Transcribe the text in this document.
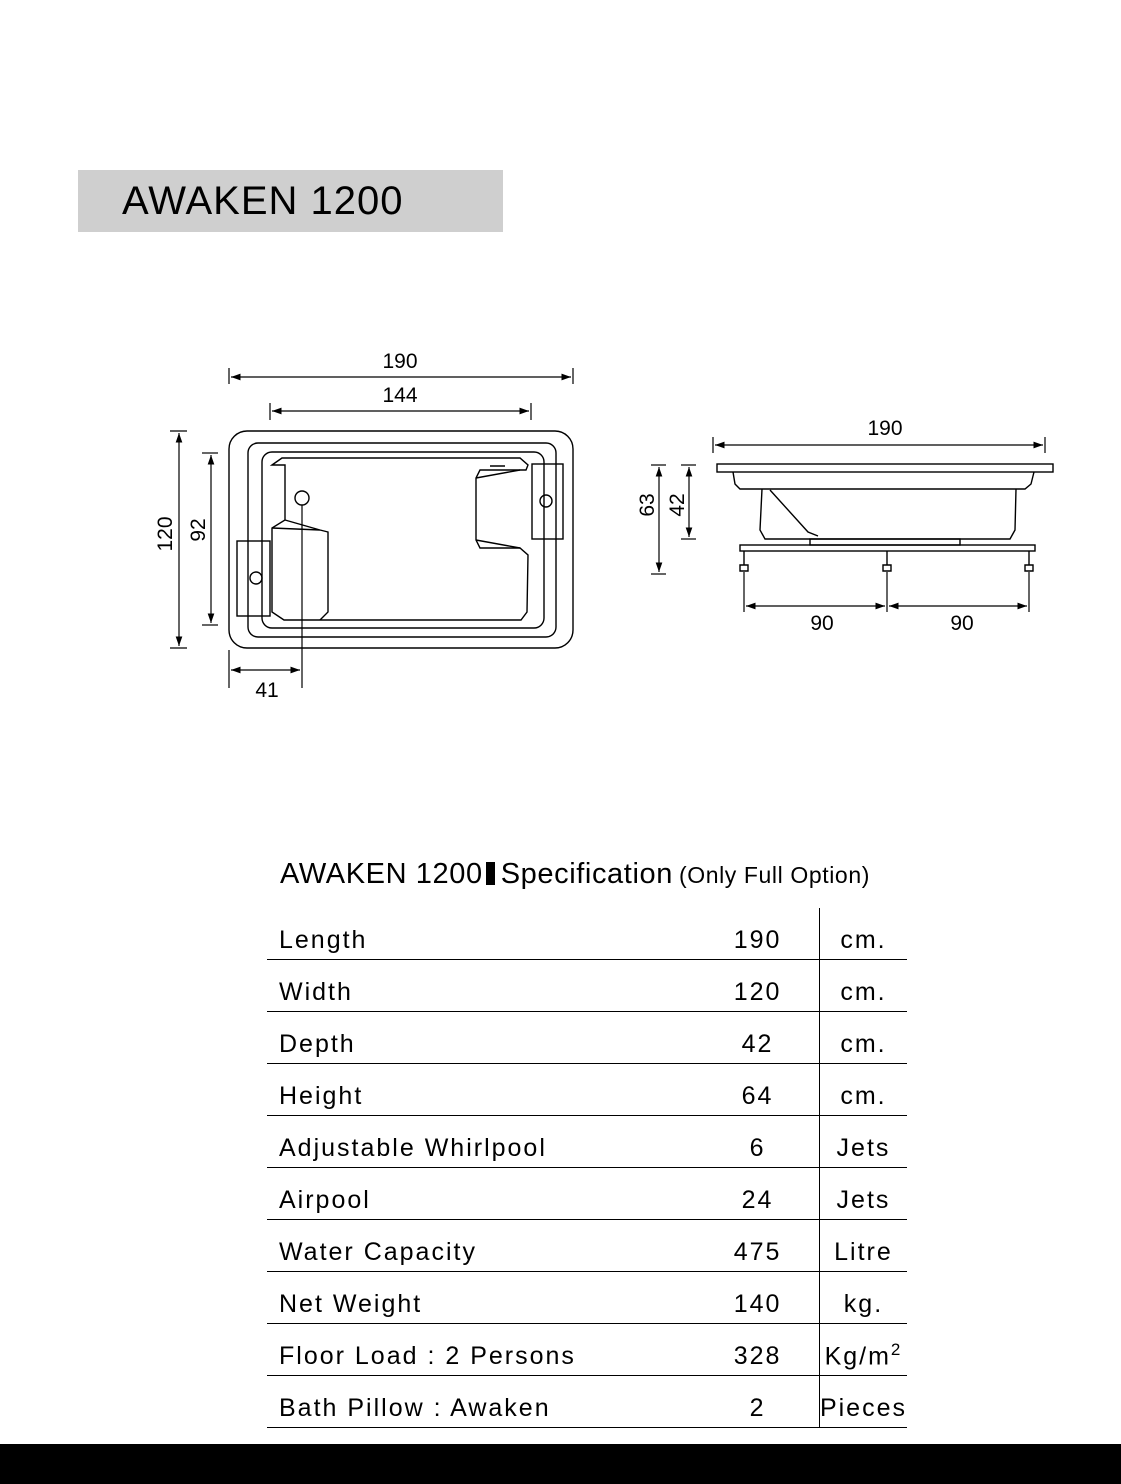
AWAKEN 1200
190
144
120 92
41
190
63 42
90	90
AWAKEN 1200 Specification (Only Full Option)
Length	190	cm.
Width	120	cm.
Depth	42	cm.
Height	64	cm.
Adjustable Whirlpool	6	Jets
Airpool	24	Jets
Water Capacity	475	Litre
Net Weight	140	kg.
Floor Load : 2 Persons	328	$Kg/m^2$
Bath Pillow : Awaken	2	Pieces
